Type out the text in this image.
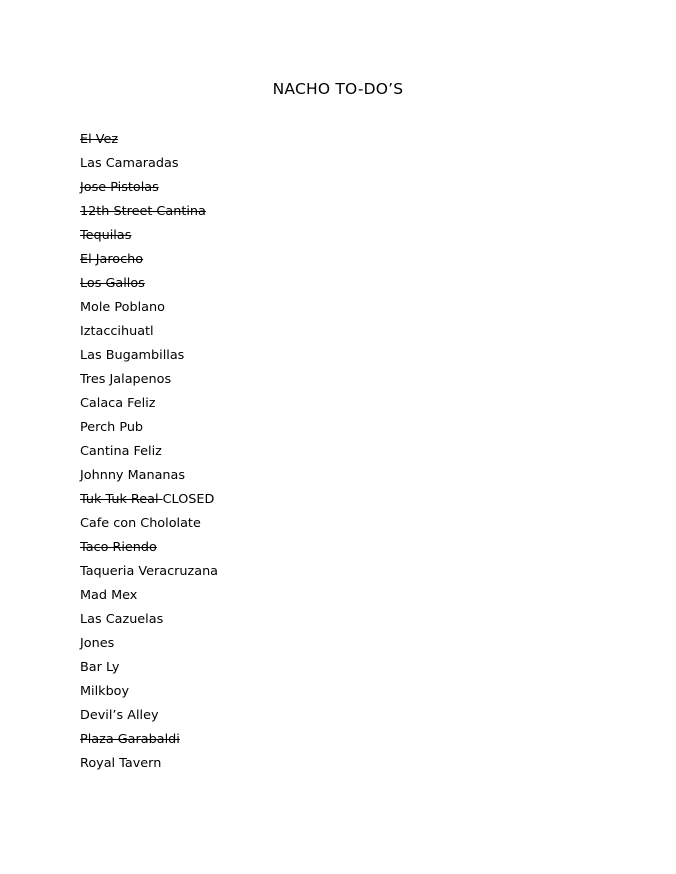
NACHO TO-DO’S
El Vez
Las Camaradas
Jose Pistolas
12th Street Cantina
Tequilas
El Jarocho
Los Gallos
Mole Poblano
Iztaccihuatl
Las Bugambillas
Tres Jalapenos
Calaca Feliz
Perch Pub
Cantina Feliz
Johnny Mananas
Tuk Tuk Real CLOSED
Cafe con Chololate
Taco Riendo
Taqueria Veracruzana
Mad Mex
Las Cazuelas
Jones
Bar Ly
Milkboy
Devil’s Alley
Plaza Garabaldi
Royal Tavern
